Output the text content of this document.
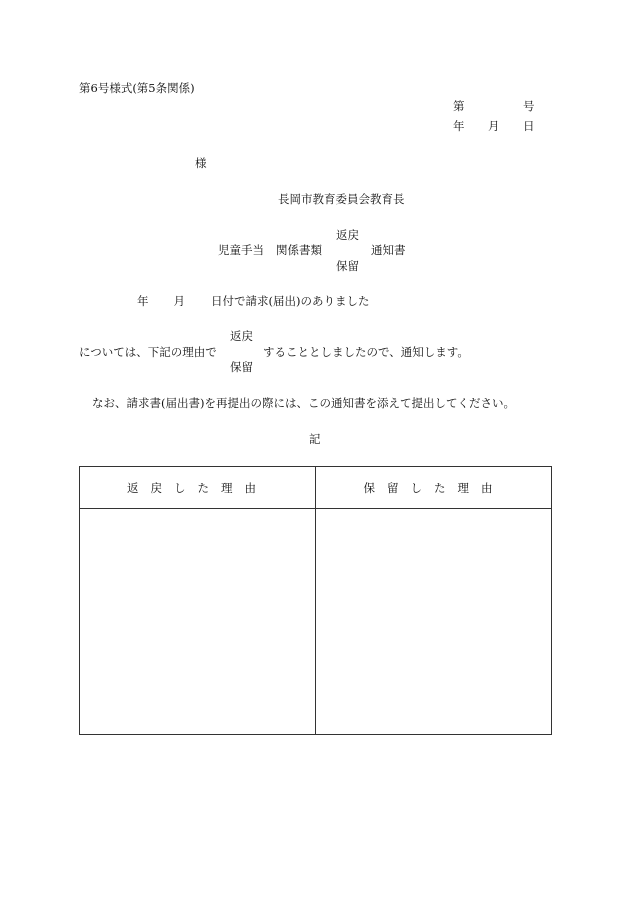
第6号様式(第5条関係)
第	号
年 月 日
様
長岡市教育委員会教育長
返戻
児童手当 関係書類	通知書
保留
年 月 日付で請求(届出)のありました
返戻
については、下記の理由で	することとしましたので、通知します。
保留
なお、請求書(届出書)を再提出の際には、この通知書を添えて提出してください。
記
返戻した理由	保留した理由
